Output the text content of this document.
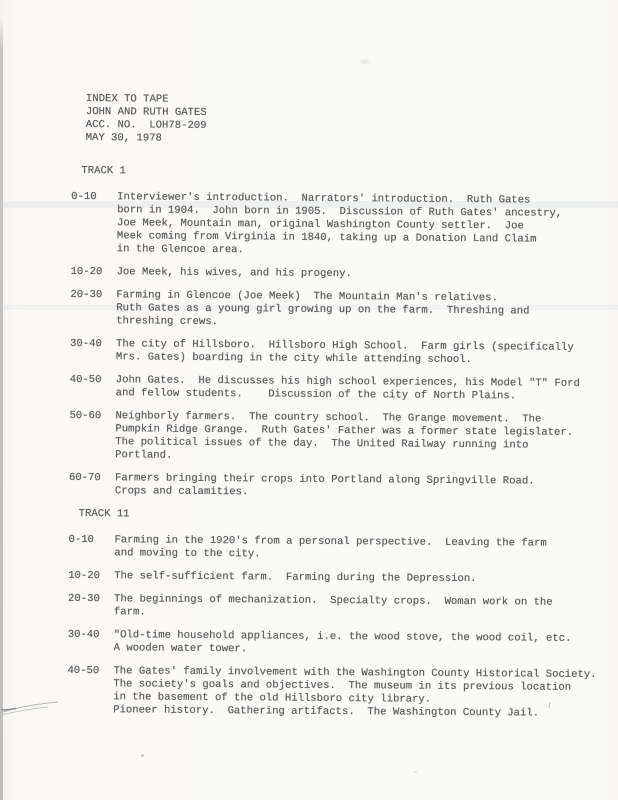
INDEX TO TAPE
JOHN AND RUTH GATES
ACC. NO.  LOH78-209
MAY 30, 1978
TRACK 1
0-10	Interviewer's introduction.  Narrators' introduction.  Ruth Gates
born in 1904.  John born in 1905.  Discussion of Ruth Gates' ancestry,
Joe Meek, Mountain man, original Washington County settler.  Joe
Meek coming from Virginia in 1840, taking up a Donation Land Claim
in the Glencoe area.
10-20	Joe Meek, his wives, and his progeny.
20-30	Farming in Glencoe (Joe Meek)  The Mountain Man's relatives.
Ruth Gates as a young girl growing up on the farm.  Threshing and
threshing crews.
30-40	The city of Hillsboro.  Hillsboro High School.  Farm girls (specifically
Mrs. Gates) boarding in the city while attending school.
40-50	John Gates.  He discusses his high school experiences, his Model "T" Ford
and fellow students.    Discussion of the city of North Plains.
50-60	Neighborly farmers.  The country school.  The Grange movement.  The
Pumpkin Ridge Grange.  Ruth Gates' Father was a former state legislater.
The political issues of the day.  The United Railway running into
Portland.
60-70	Farmers bringing their crops into Portland along Springville Road.
Crops and calamities.
TRACK 11
0-10	Farming in the 1920's from a personal perspective.  Leaving the farm
and moving to the city.
10-20	The self-sufficient farm.  Farming during the Depression.
20-30	The beginnings of mechanization.  Specialty crops.  Woman work on the
farm.
30-40	"Old-time household appliances, i.e. the wood stove, the wood coil, etc.
A wooden water tower.
40-50	The Gates' family involvement with the Washington County Historical Society.
The society's goals and objectives.  The museum in its previous location
in the basement of the old Hillsboro city library.
Pioneer history.  Gathering artifacts.  The Washington County Jail.
